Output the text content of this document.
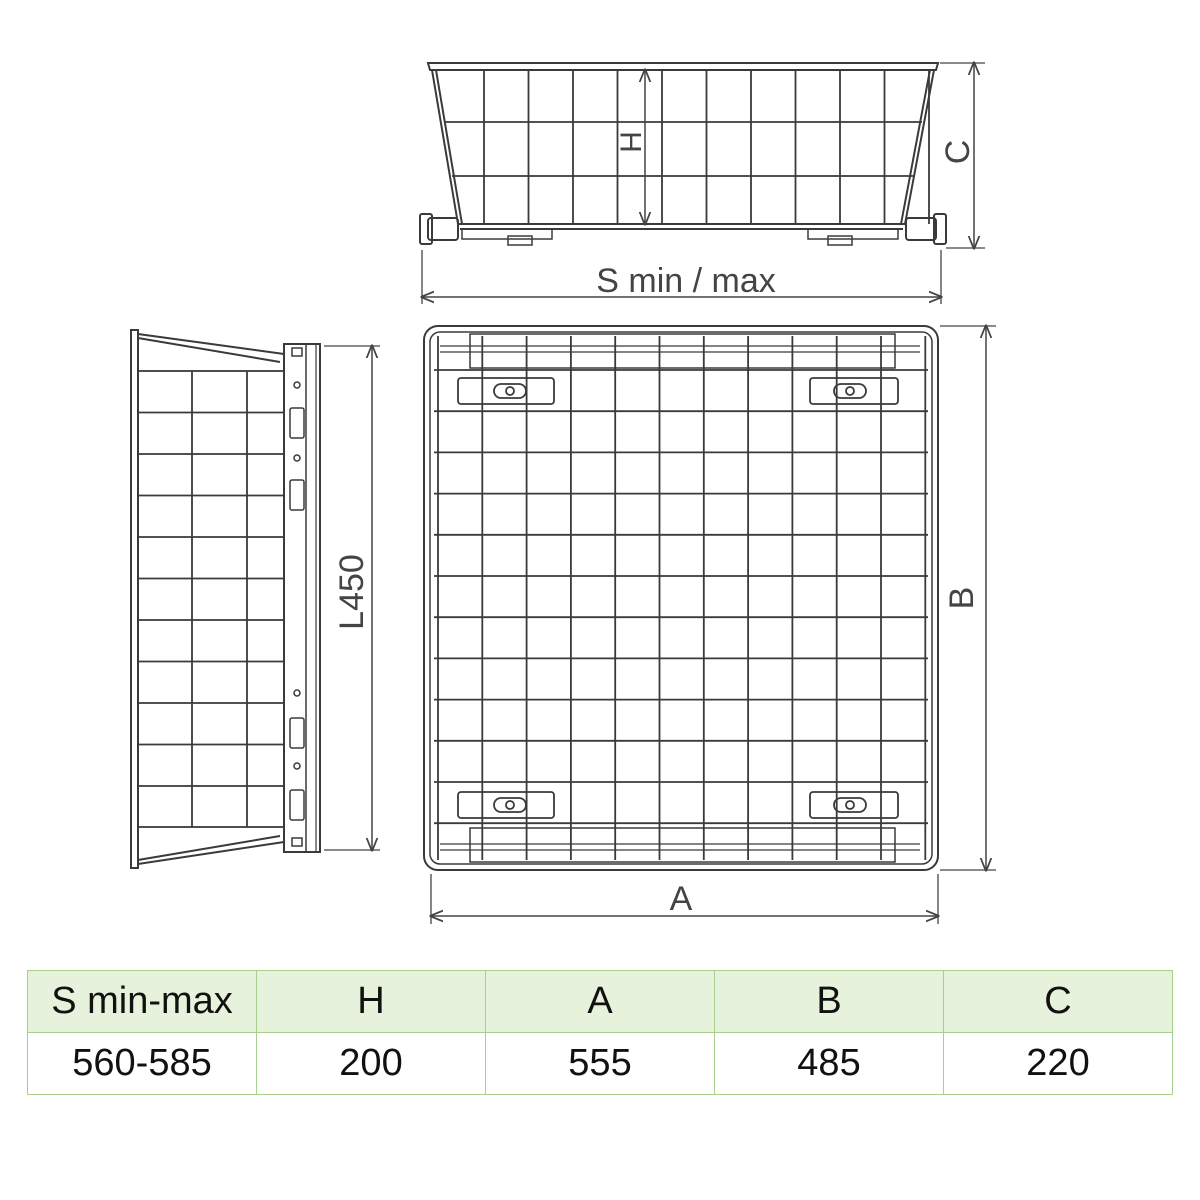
H	C
S min / max
L450	B
A
S min-max	H	A	B	C
560-585	200	555	485	220
